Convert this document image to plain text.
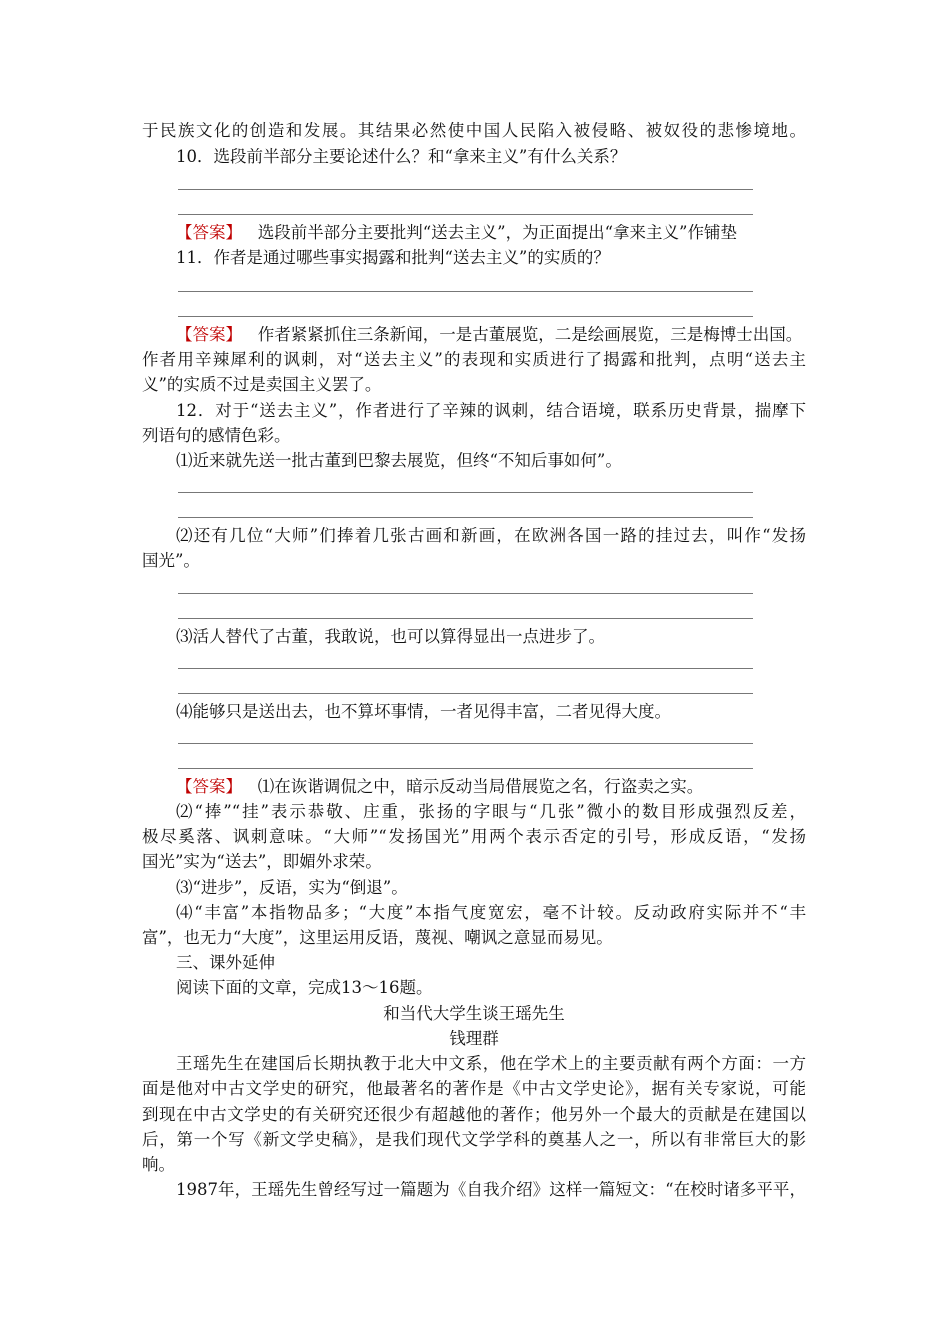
于民族文化的创造和发展。其结果必然使中国人民陷入被侵略、被奴役的悲惨境地。
10．选段前半部分主要论述什么？和“拿来主义”有什么关系？
【答案】 选段前半部分主要批判“送去主义”，为正面提出“拿来主义”作铺垫
11．作者是通过哪些事实揭露和批判“送去主义”的实质的？
【答案】 作者紧紧抓住三条新闻，一是古董展览，二是绘画展览，三是梅博士出国。
作者用辛辣犀利的讽刺，对“送去主义”的表现和实质进行了揭露和批判，点明“送去主
义”的实质不过是卖国主义罢了。
12．对于“送去主义”，作者进行了辛辣的讽刺，结合语境，联系历史背景，揣摩下
列语句的感情色彩。
⑴近来就先送一批古董到巴黎去展览，但终“不知后事如何”。
⑵还有几位“大师”们捧着几张古画和新画，在欧洲各国一路的挂过去，叫作“发扬
国光”。
⑶活人替代了古董，我敢说，也可以算得显出一点进步了。
⑷能够只是送出去，也不算坏事情，一者见得丰富，二者见得大度。
【答案】 ⑴在诙谐调侃之中，暗示反动当局借展览之名，行盗卖之实。
⑵“捧”“挂”表示恭敬、庄重，张扬的字眼与“几张”微小的数目形成强烈反差，
极尽奚落、讽刺意味。“大师”“发扬国光”用两个表示否定的引号，形成反语，“发扬
国光”实为“送去”，即媚外求荣。
⑶“进步”，反语，实为“倒退”。
⑷“丰富”本指物品多；“大度”本指气度宽宏，毫不计较。反动政府实际并不“丰
富”，也无力“大度”，这里运用反语，蔑视、嘲讽之意显而易见。
三、课外延伸
阅读下面的文章，完成13～16题。
和当代大学生谈王瑶先生
钱理群
王瑶先生在建国后长期执教于北大中文系，他在学术上的主要贡献有两个方面：一方
面是他对中古文学史的研究，他最著名的著作是《中古文学史论》，据有关专家说，可能
到现在中古文学史的有关研究还很少有超越他的著作；他另外一个最大的贡献是在建国以
后，第一个写《新文学史稿》，是我们现代文学学科的奠基人之一，所以有非常巨大的影
响。
1987年，王瑶先生曾经写过一篇题为《自我介绍》这样一篇短文：“在校时诸多平平，
